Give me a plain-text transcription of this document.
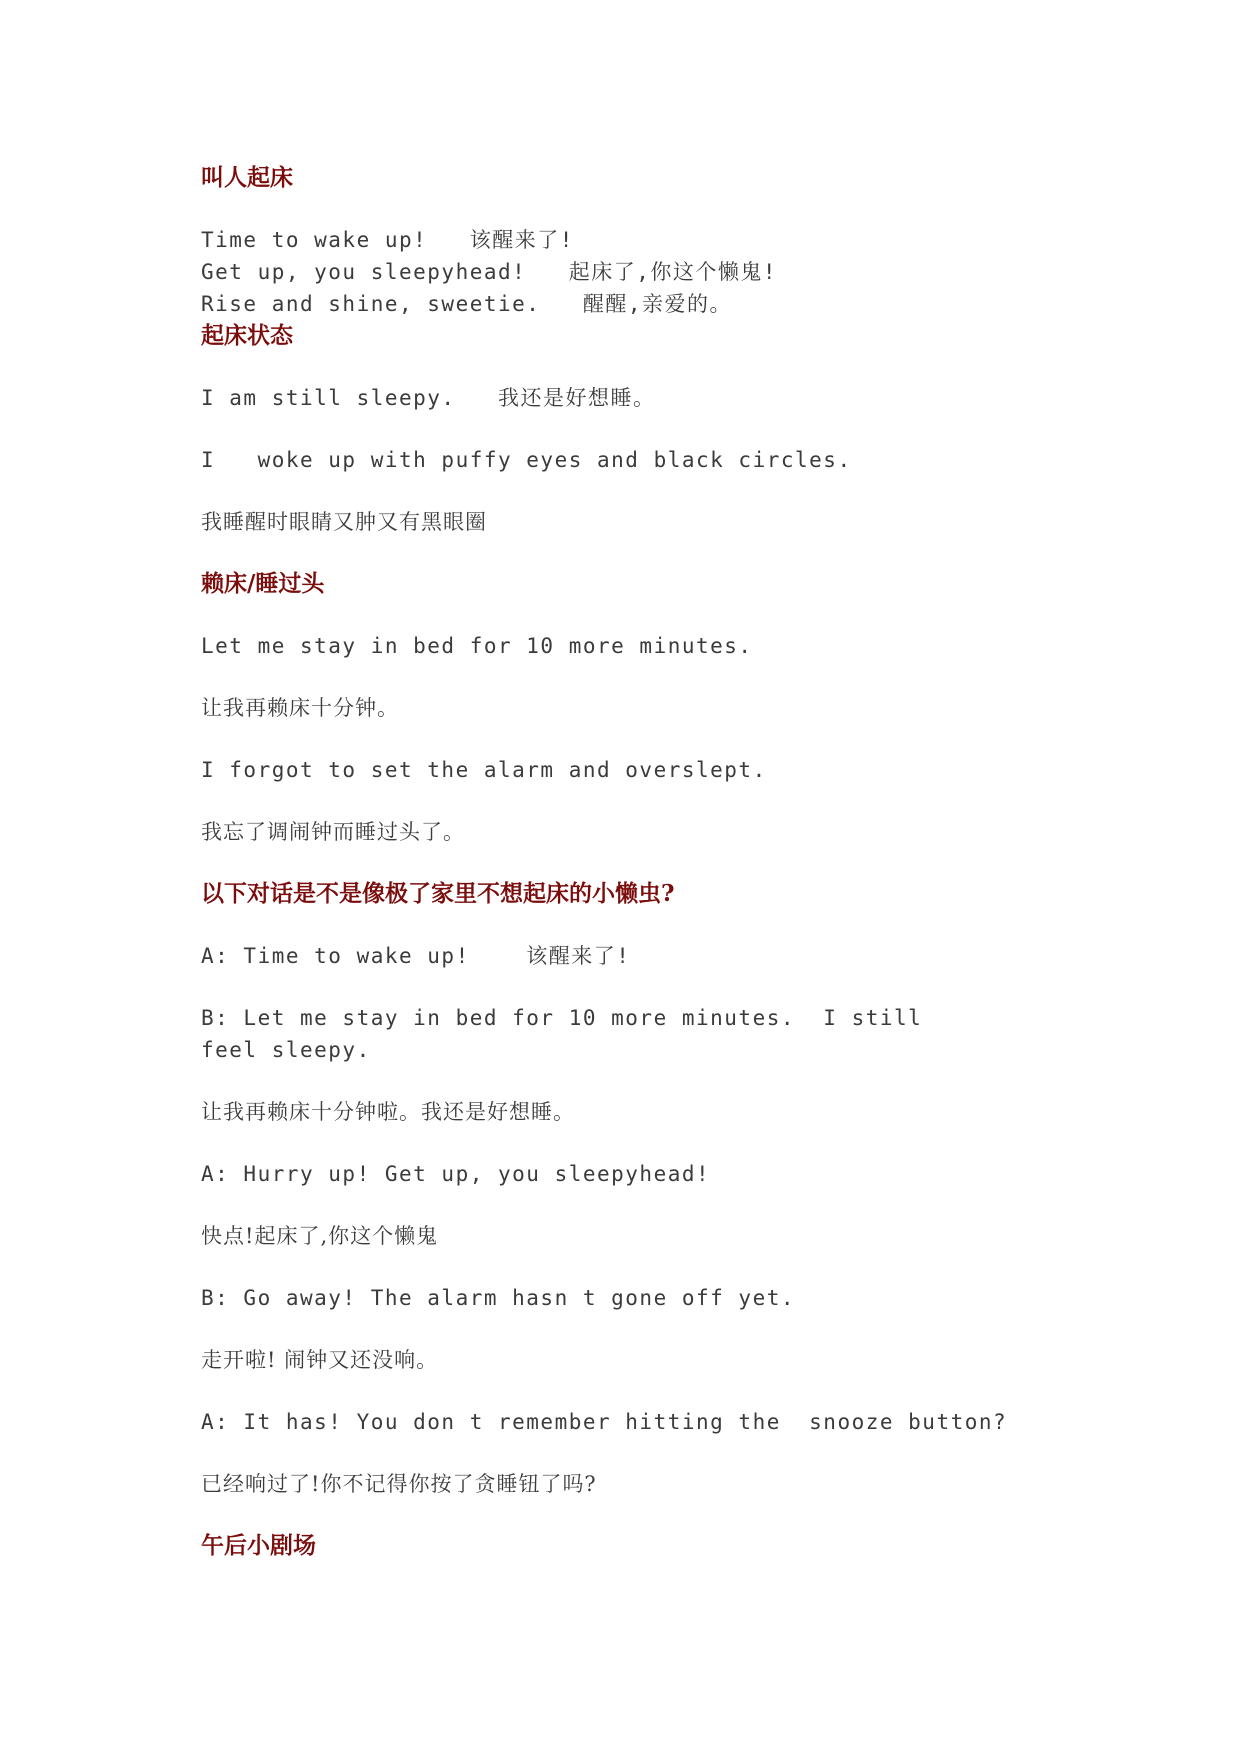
叫人起床

Time to wake up!   该醒来了!

Get up, you sleepyhead!   起床了,你这个懒鬼!

Rise and shine, sweetie.   醒醒,亲爱的。

起床状态

I am still sleepy.   我还是好想睡。

I   woke up with puffy eyes and black circles.

我睡醒时眼睛又肿又有黑眼圈

赖床/睡过头

Let me stay in bed for 10 more minutes.

让我再赖床十分钟。

I forgot to set the alarm and overslept.

我忘了调闹钟而睡过头了。

以下对话是不是像极了家里不想起床的小懒虫?

A: Time to wake up!    该醒来了!

B: Let me stay in bed for 10 more minutes.  I still feel sleepy.

让我再赖床十分钟啦。我还是好想睡。

A: Hurry up! Get up, you sleepyhead!

快点!起床了,你这个懒鬼

B: Go away! The alarm hasn t gone off yet.

走开啦! 闹钟又还没响。

A: It has! You don t remember hitting the  snooze button?

已经响过了!你不记得你按了贪睡钮了吗?

午后小剧场
